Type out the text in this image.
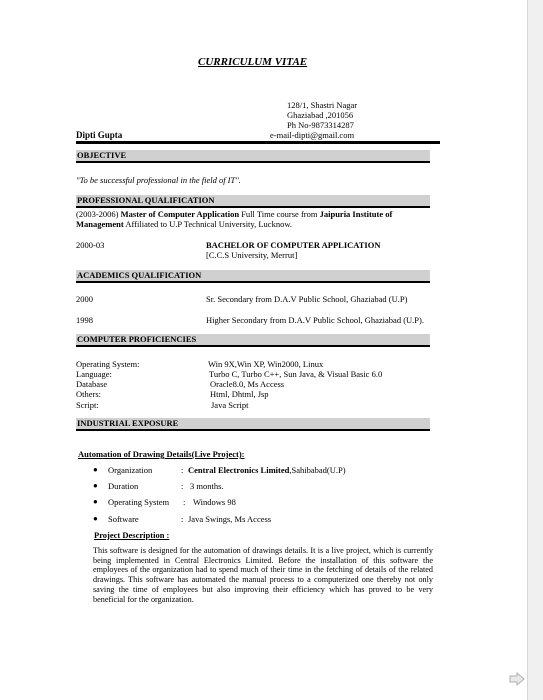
CURRICULUM VITAE
128/1, Shastri Nagar
Ghaziabad ,201056
Ph No-9873314287
e-mail-dipti@gmail.com
Dipti Gupta
OBJECTIVE
"To be successful professional in the field of IT".
PROFESSIONAL QUALIFICATION
(2003-2006) Master of Computer Application Full Time course from Jaipuria Institute of Management Affiliated to U.P Technical University, Lucknow.
2000-03	BACHELOR OF COMPUTER APPLICATION
[C.C.S University, Merrut]
ACADEMICS QUALIFICATION
2000	Sr. Secondary from D.A.V Public School, Ghaziabad (U.P)
1998	Higher Secondary from D.A.V Public School, Ghaziabad (U.P).
COMPUTER PROFICIENCIES
Operating System:	Win 9X,Win XP, Win2000, Linux
Language:	Turbo C, Turbo C++, Sun Java, & Visual Basic 6.0
Database	Oracle8.0, Ms Access
Others:	Html, Dhtml, Jsp
Script:	Java Script
INDUSTRIAL EXPOSURE
Automation of Drawing Details(Live Project):
● Organization	: Central Electronics Limited,Sahibabad(U.P)
● Duration	: 3 months.
● Operating System : Windows 98
● Software	: Java Swings, Ms Access
Project Description :
This software is designed for the automation of drawings details. It is a live project, which is currently being implemented in Central Electronics Limited. Before the installation of this software the employees of the organization had to spend much of their time in the fetching of details of the related drawings. This software has automated the manual process to a computerized one thereby not only saving the time of employees but also improving their efficiency which has proved to be very beneficial for the organization.
